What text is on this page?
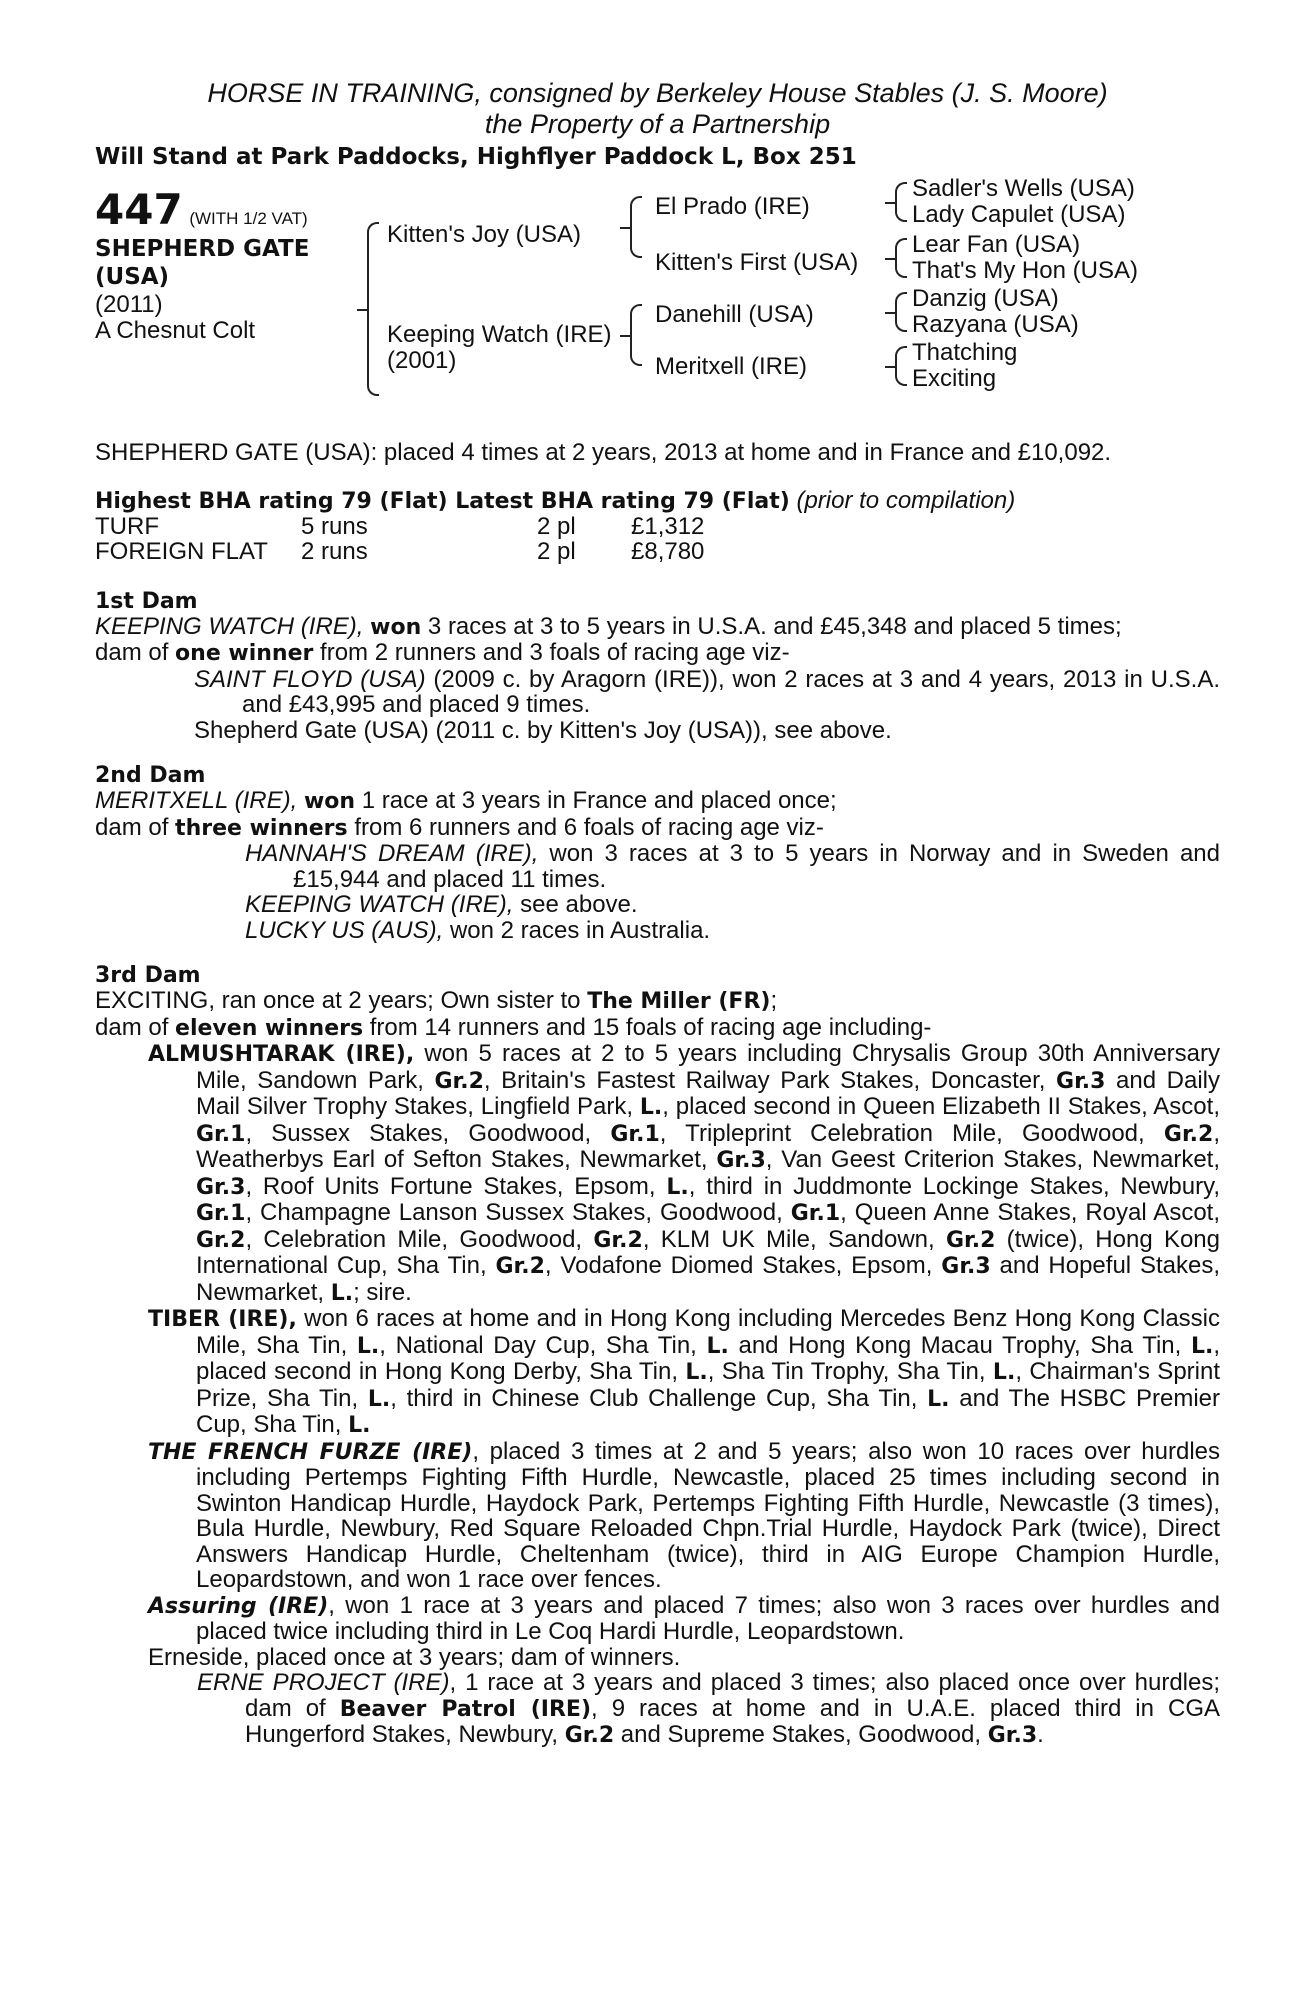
HORSE IN TRAINING, consigned by Berkeley House Stables (J. S. Moore)
the Property of a Partnership
Will Stand at Park Paddocks, Highflyer Paddock L, Box 251
447 (WITH 1/2 VAT)
SHEPHERD GATE
(USA)
(2011)
A Chesnut Colt
Kitten's Joy (USA)
Keeping Watch (IRE)
(2001)
El Prado (IRE)
Kitten's First (USA)
Danehill (USA)
Meritxell (IRE)
Sadler's Wells (USA)
Lady Capulet (USA)
Lear Fan (USA)
That's My Hon (USA)
Danzig (USA)
Razyana (USA)
Thatching
Exciting
SHEPHERD GATE (USA): placed 4 times at 2 years, 2013 at home and in France and £10,092.
Highest BHA rating 79 (Flat) Latest BHA rating 79 (Flat) (prior to compilation)
TURF	5 runs	2 pl	£1,312
FOREIGN FLAT	2 runs	2 pl	£8,780
1st Dam
KEEPING WATCH (IRE), won 3 races at 3 to 5 years in U.S.A. and £45,348 and placed 5 times;
dam of one winner from 2 runners and 3 foals of racing age viz-
SAINT FLOYD (USA) (2009 c. by Aragorn (IRE)), won 2 races at 3 and 4 years, 2013 in U.S.A. and £43,995 and placed 9 times.
Shepherd Gate (USA) (2011 c. by Kitten's Joy (USA)), see above.
2nd Dam
MERITXELL (IRE), won 1 race at 3 years in France and placed once;
dam of three winners from 6 runners and 6 foals of racing age viz-
HANNAH'S DREAM (IRE), won 3 races at 3 to 5 years in Norway and in Sweden and £15,944 and placed 11 times.
KEEPING WATCH (IRE), see above.
LUCKY US (AUS), won 2 races in Australia.
3rd Dam
EXCITING, ran once at 2 years; Own sister to The Miller (FR);
dam of eleven winners from 14 runners and 15 foals of racing age including-
ALMUSHTARAK (IRE), won 5 races at 2 to 5 years including Chrysalis Group 30th Anniversary Mile, Sandown Park, Gr.2, Britain's Fastest Railway Park Stakes, Doncaster, Gr.3 and Daily Mail Silver Trophy Stakes, Lingfield Park, L., placed second in Queen Elizabeth II Stakes, Ascot, Gr.1, Sussex Stakes, Goodwood, Gr.1, Tripleprint Celebration Mile, Goodwood, Gr.2, Weatherbys Earl of Sefton Stakes, Newmarket, Gr.3, Van Geest Criterion Stakes, Newmarket, Gr.3, Roof Units Fortune Stakes, Epsom, L., third in Juddmonte Lockinge Stakes, Newbury, Gr.1, Champagne Lanson Sussex Stakes, Goodwood, Gr.1, Queen Anne Stakes, Royal Ascot, Gr.2, Celebration Mile, Goodwood, Gr.2, KLM UK Mile, Sandown, Gr.2 (twice), Hong Kong International Cup, Sha Tin, Gr.2, Vodafone Diomed Stakes, Epsom, Gr.3 and Hopeful Stakes, Newmarket, L.; sire.
TIBER (IRE), won 6 races at home and in Hong Kong including Mercedes Benz Hong Kong Classic Mile, Sha Tin, L., National Day Cup, Sha Tin, L. and Hong Kong Macau Trophy, Sha Tin, L., placed second in Hong Kong Derby, Sha Tin, L., Sha Tin Trophy, Sha Tin, L., Chairman's Sprint Prize, Sha Tin, L., third in Chinese Club Challenge Cup, Sha Tin, L. and The HSBC Premier Cup, Sha Tin, L.
THE FRENCH FURZE (IRE), placed 3 times at 2 and 5 years; also won 10 races over hurdles including Pertemps Fighting Fifth Hurdle, Newcastle, placed 25 times including second in Swinton Handicap Hurdle, Haydock Park, Pertemps Fighting Fifth Hurdle, Newcastle (3 times), Bula Hurdle, Newbury, Red Square Reloaded Chpn.Trial Hurdle, Haydock Park (twice), Direct Answers Handicap Hurdle, Cheltenham (twice), third in AIG Europe Champion Hurdle, Leopardstown, and won 1 race over fences.
Assuring (IRE), won 1 race at 3 years and placed 7 times; also won 3 races over hurdles and placed twice including third in Le Coq Hardi Hurdle, Leopardstown.
Erneside, placed once at 3 years; dam of winners.
ERNE PROJECT (IRE), 1 race at 3 years and placed 3 times; also placed once over hurdles; dam of Beaver Patrol (IRE), 9 races at home and in U.A.E. placed third in CGA Hungerford Stakes, Newbury, Gr.2 and Supreme Stakes, Goodwood, Gr.3.
